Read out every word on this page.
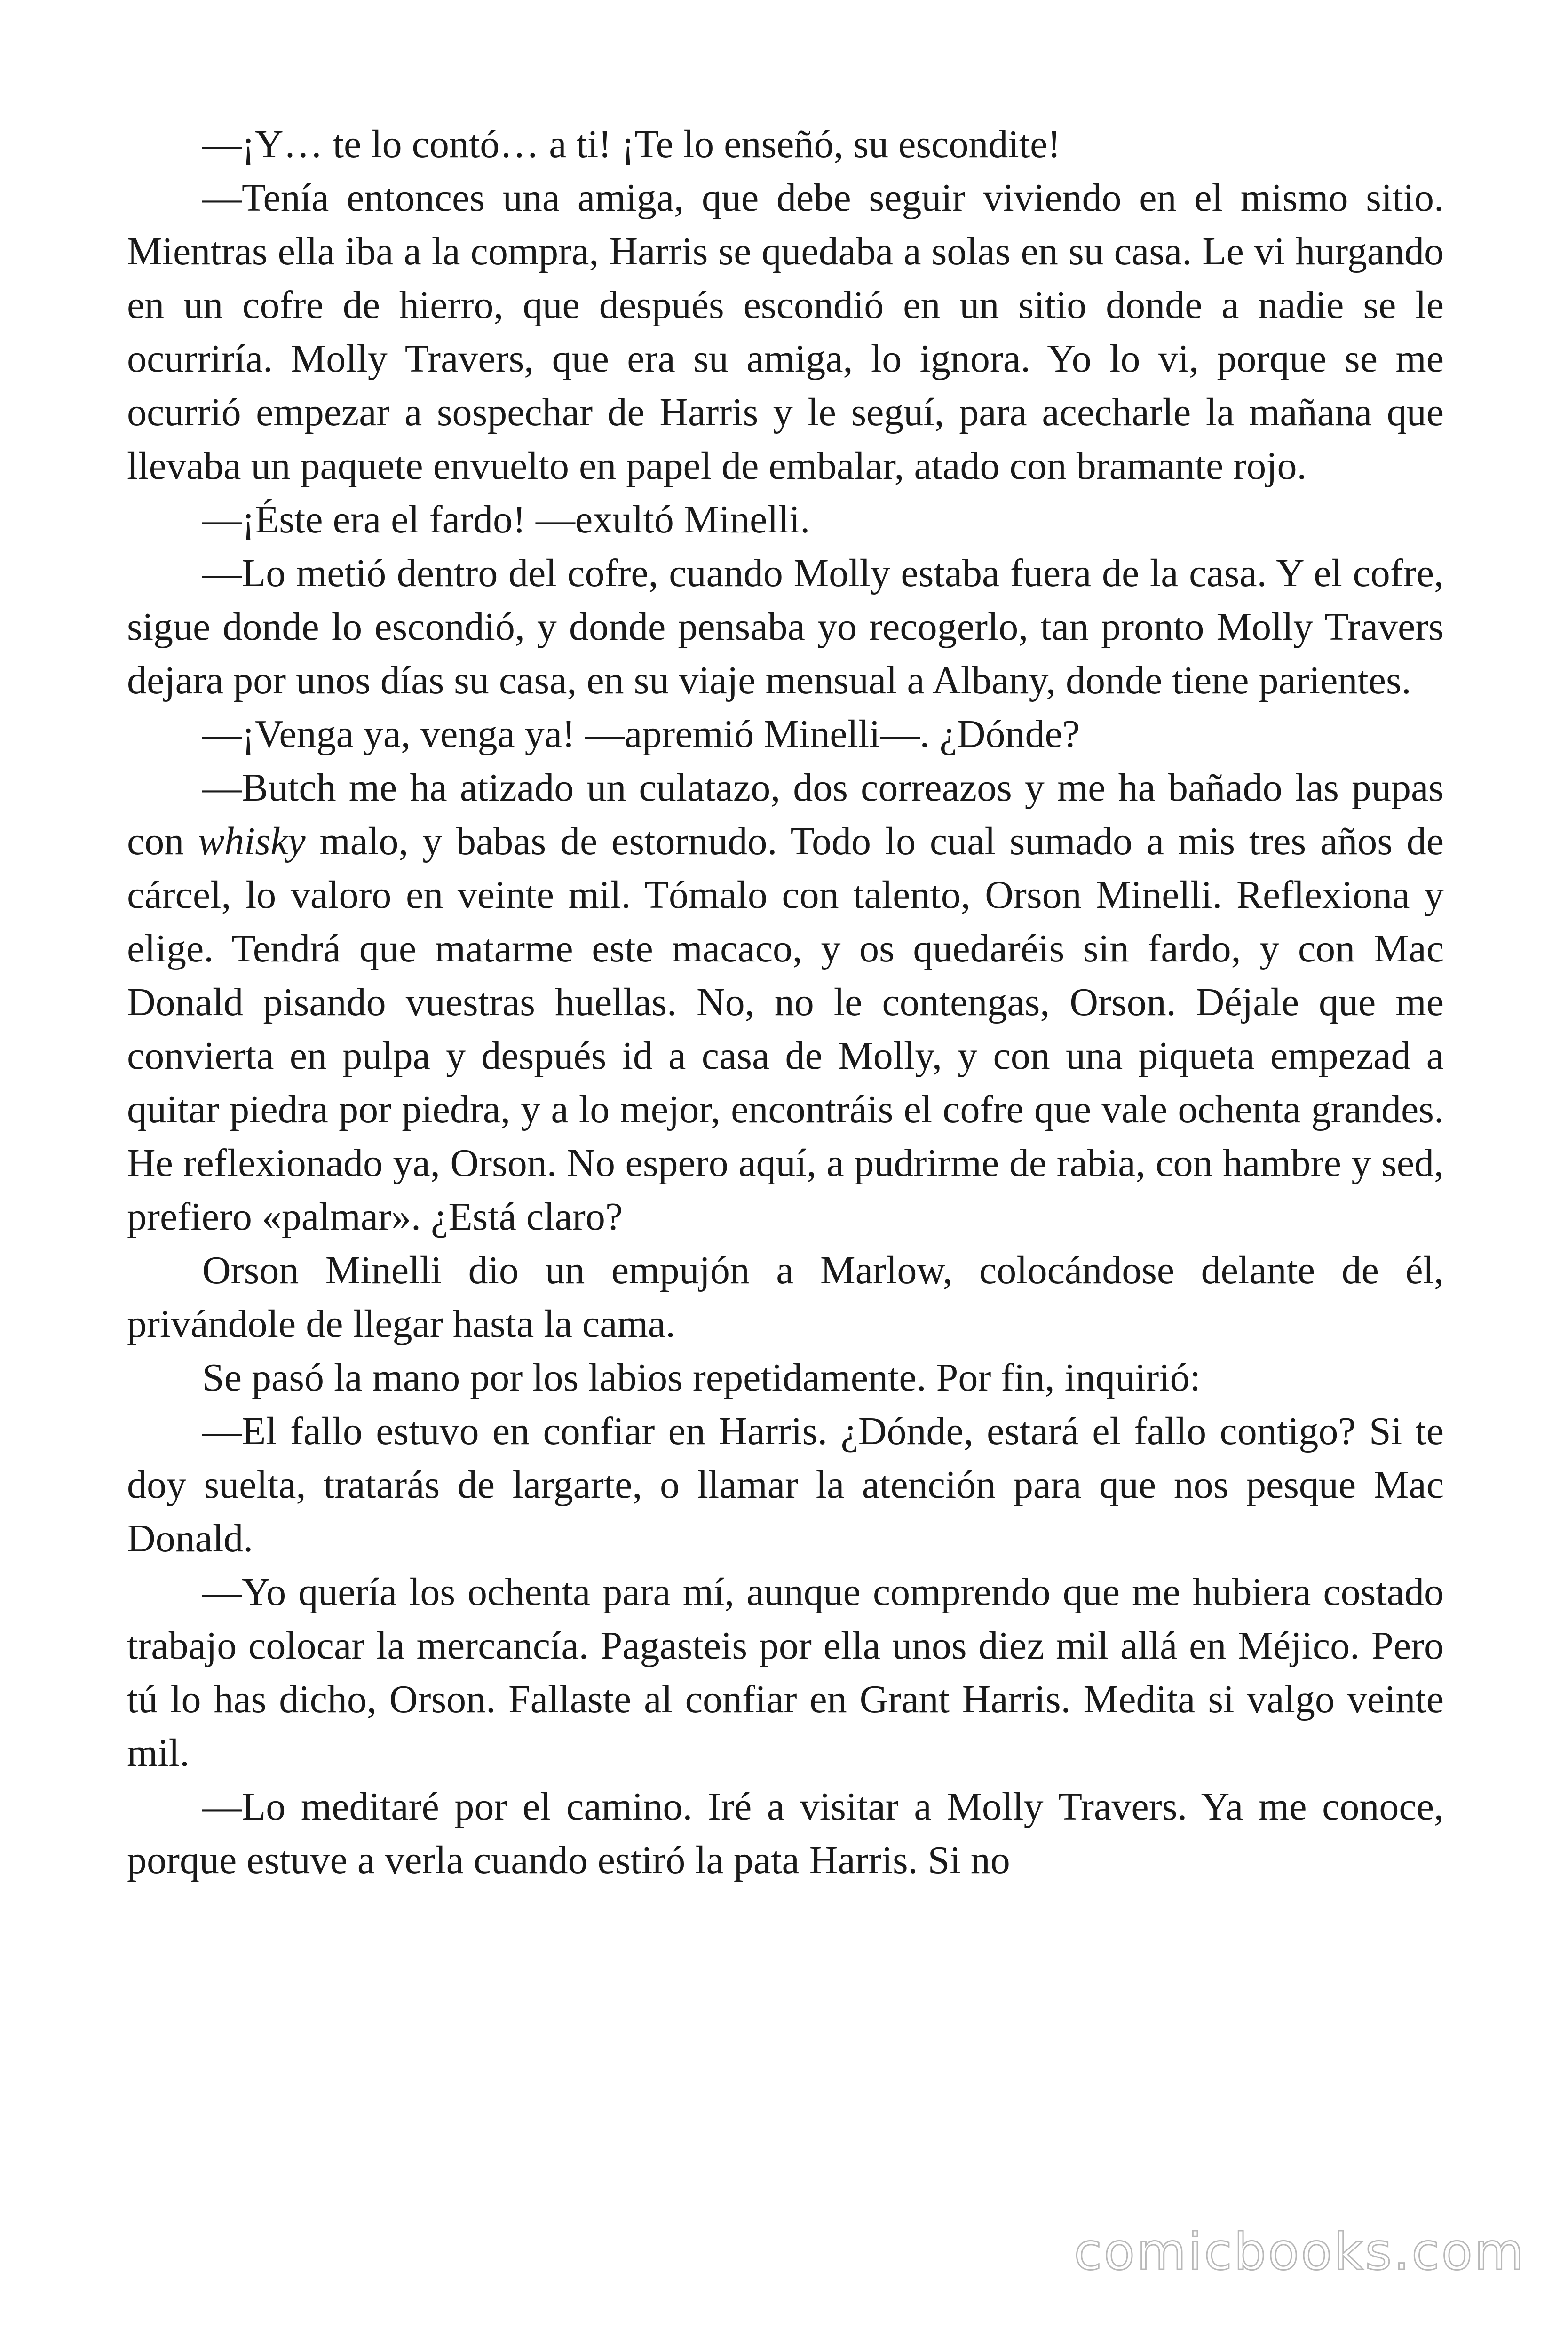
—¡Y… te lo contó… a ti! ¡Te lo enseñó, su escondite!

—Tenía entonces una amiga, que debe seguir viviendo en el mismo sitio. Mientras ella iba a la compra, Harris se quedaba a solas en su casa. Le vi hurgando en un cofre de hierro, que después escondió en un sitio donde a nadie se le ocurriría. Molly Travers, que era su amiga, lo ignora. Yo lo vi, porque se me ocurrió empezar a sospechar de Harris y le seguí, para acecharle la mañana que llevaba un paquete envuelto en papel de embalar, atado con bramante rojo.

—¡Éste era el fardo! —exultó Minelli.

—Lo metió dentro del cofre, cuando Molly estaba fuera de la casa. Y el cofre, sigue donde lo escondió, y donde pensaba yo recogerlo, tan pronto Molly Travers dejara por unos días su casa, en su viaje mensual a Albany, donde tiene parientes.

—¡Venga ya, venga ya! —apremió Minelli—. ¿Dónde?

—Butch me ha atizado un culatazo, dos correazos y me ha bañado las pupas con whisky malo, y babas de estornudo. Todo lo cual sumado a mis tres años de cárcel, lo valoro en veinte mil. Tómalo con talento, Orson Minelli. Reflexiona y elige. Tendrá que matarme este macaco, y os quedaréis sin fardo, y con Mac Donald pisando vuestras huellas. No, no le contengas, Orson. Déjale que me convierta en pulpa y después id a casa de Molly, y con una piqueta empezad a quitar piedra por piedra, y a lo mejor, encontráis el cofre que vale ochenta grandes. He reflexionado ya, Orson. No espero aquí, a pudrirme de rabia, con hambre y sed, prefiero «palmar». ¿Está claro?

Orson Minelli dio un empujón a Marlow, colocándose delante de él, privándole de llegar hasta la cama.

Se pasó la mano por los labios repetidamente. Por fin, inquirió:

—El fallo estuvo en confiar en Harris. ¿Dónde, estará el fallo contigo? Si te doy suelta, tratarás de largarte, o llamar la atención para que nos pesque Mac Donald.

—Yo quería los ochenta para mí, aunque comprendo que me hubiera costado trabajo colocar la mercancía. Pagasteis por ella unos diez mil allá en Méjico. Pero tú lo has dicho, Orson. Fallaste al confiar en Grant Harris. Medita si valgo veinte mil.

—Lo meditaré por el camino. Iré a visitar a Molly Travers. Ya me conoce, porque estuve a verla cuando estiró la pata Harris. Si no

comicbooks.com
